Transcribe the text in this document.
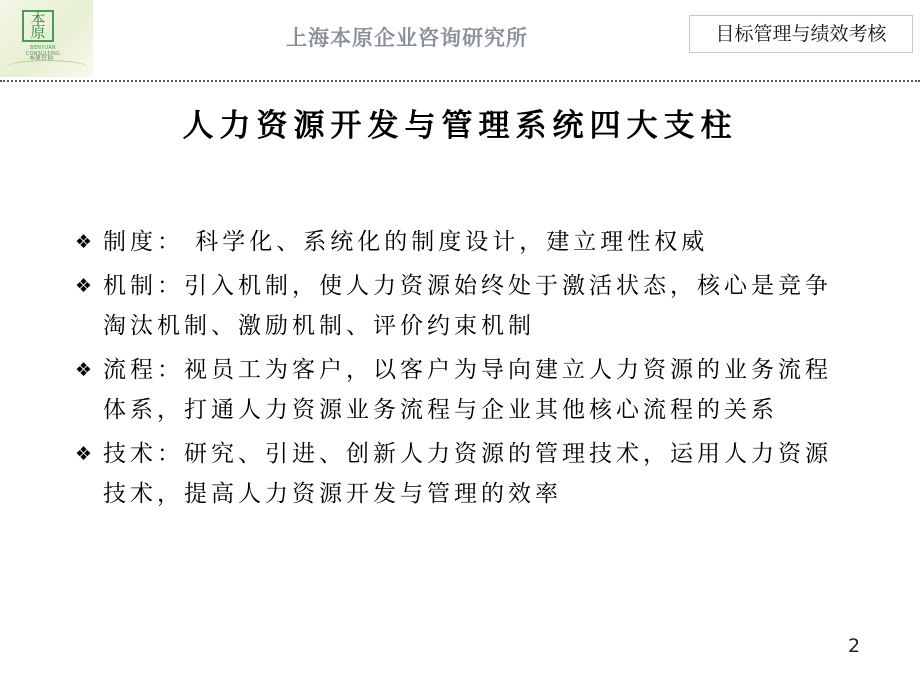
本原
BENYUAN CONSULTING
本原咨询
上海本原企业咨询研究所	目标管理与绩效考核
人力资源开发与管理系统四大支柱
❖ 制度： 科学化、系统化的制度设计，建立理性权威
❖ 机制：引入机制，使人力资源始终处于激活状态，核心是竞争淘汰机制、激励机制、评价约束机制
❖ 流程：视员工为客户，以客户为导向建立人力资源的业务流程体系，打通人力资源业务流程与企业其他核心流程的关系
❖ 技术：研究、引进、创新人力资源的管理技术，运用人力资源技术，提高人力资源开发与管理的效率
2
